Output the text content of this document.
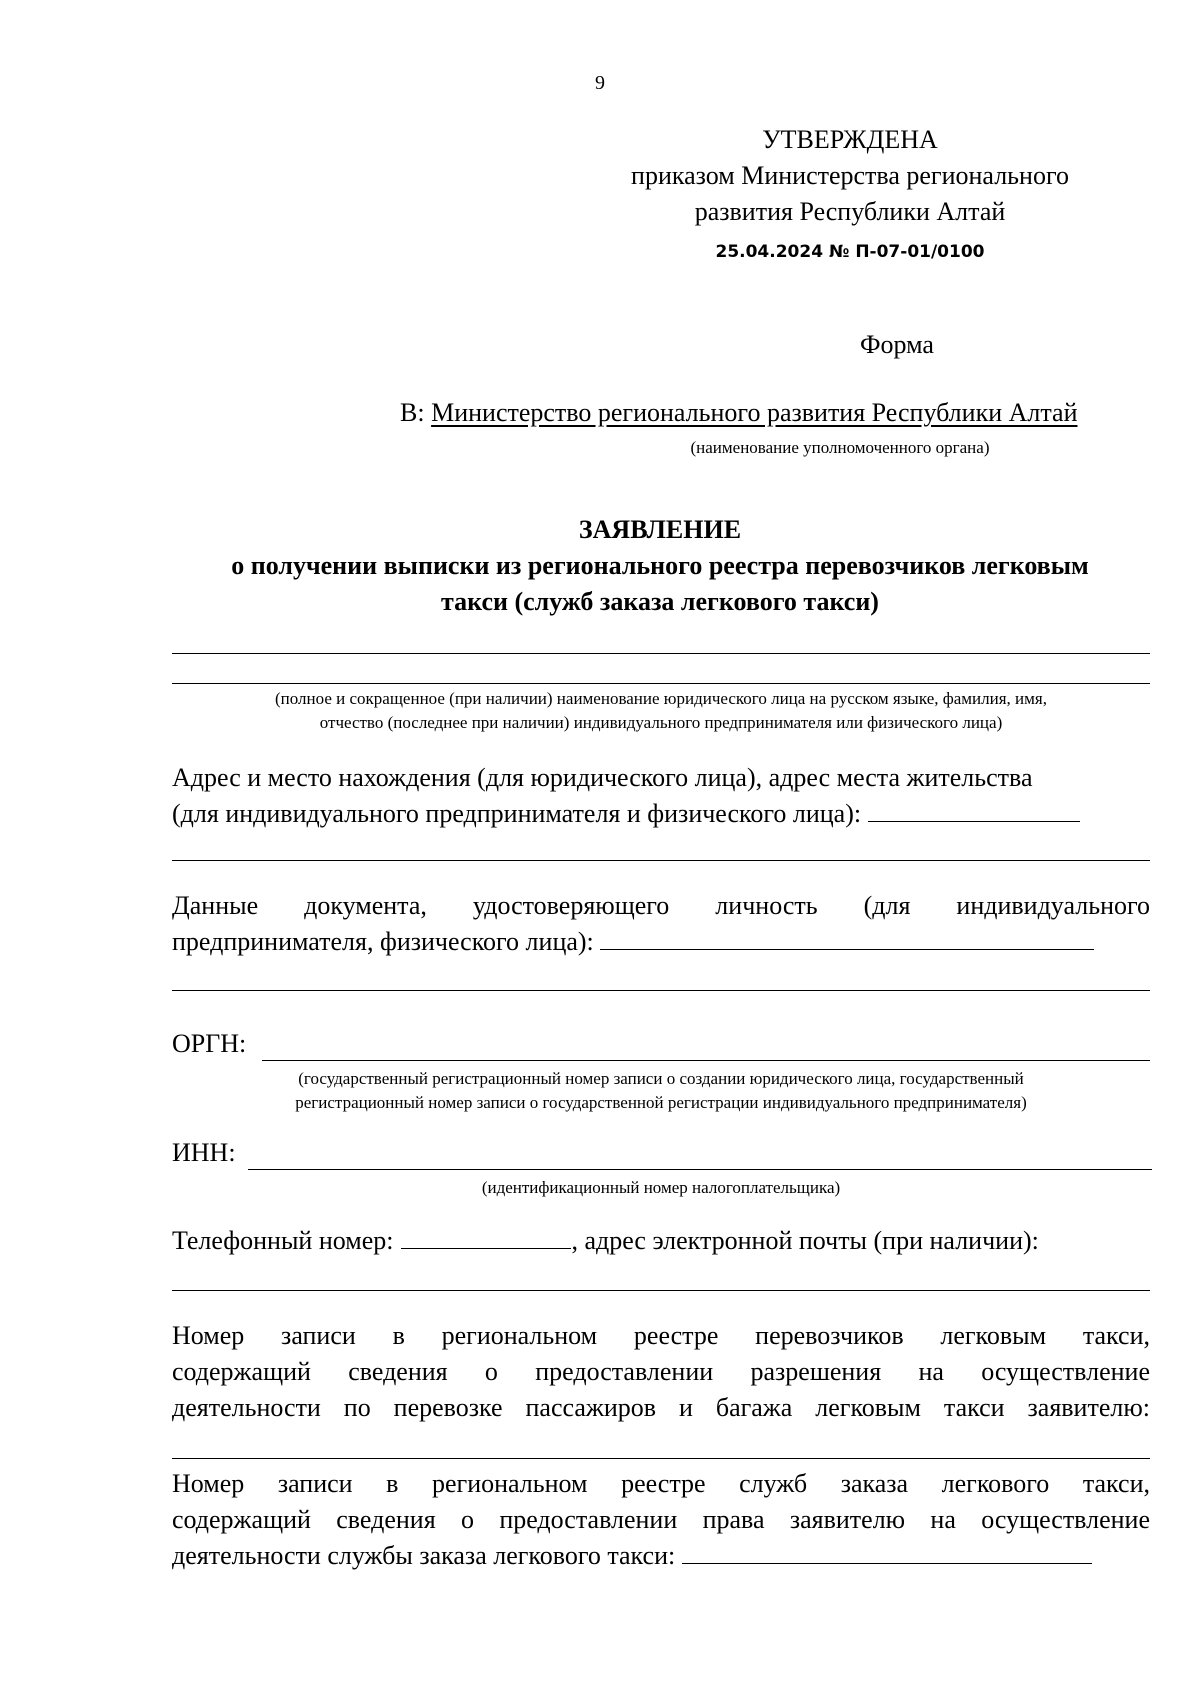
9
УТВЕРЖДЕНА
приказом Министерства регионального
развития Республики Алтай
25.04.2024 № П-07-01/0100
Форма
В: Министерство регионального развития Республики Алтай
(наименование уполномоченного органа)
ЗАЯВЛЕНИЕ
о получении выписки из регионального реестра перевозчиков легковым
такси (служб заказа легкового такси)
(полное и сокращенное (при наличии) наименование юридического лица на русском языке, фамилия, имя,
отчество (последнее при наличии) индивидуального предпринимателя или физического лица)
Адрес и место нахождения (для юридического лица), адрес места жительства
(для индивидуального предпринимателя и физического лица):
Данные документа, удостоверяющего личность (для индивидуального
предпринимателя, физического лица):
ОРГН:
(государственный регистрационный номер записи о создании юридического лица, государственный
регистрационный номер записи о государственной регистрации индивидуального предпринимателя)
ИНН:
(идентификационный номер налогоплательщика)
Телефонный номер:	, адрес электронной почты (при наличии):
Номер записи в региональном реестре перевозчиков легковым такси,
содержащий сведения о предоставлении разрешения на осуществление
деятельности по перевозке пассажиров и багажа легковым такси заявителю:
Номер записи в региональном реестре служб заказа легкового такси,
содержащий сведения о предоставлении права заявителю на осуществление
деятельности службы заказа легкового такси:
